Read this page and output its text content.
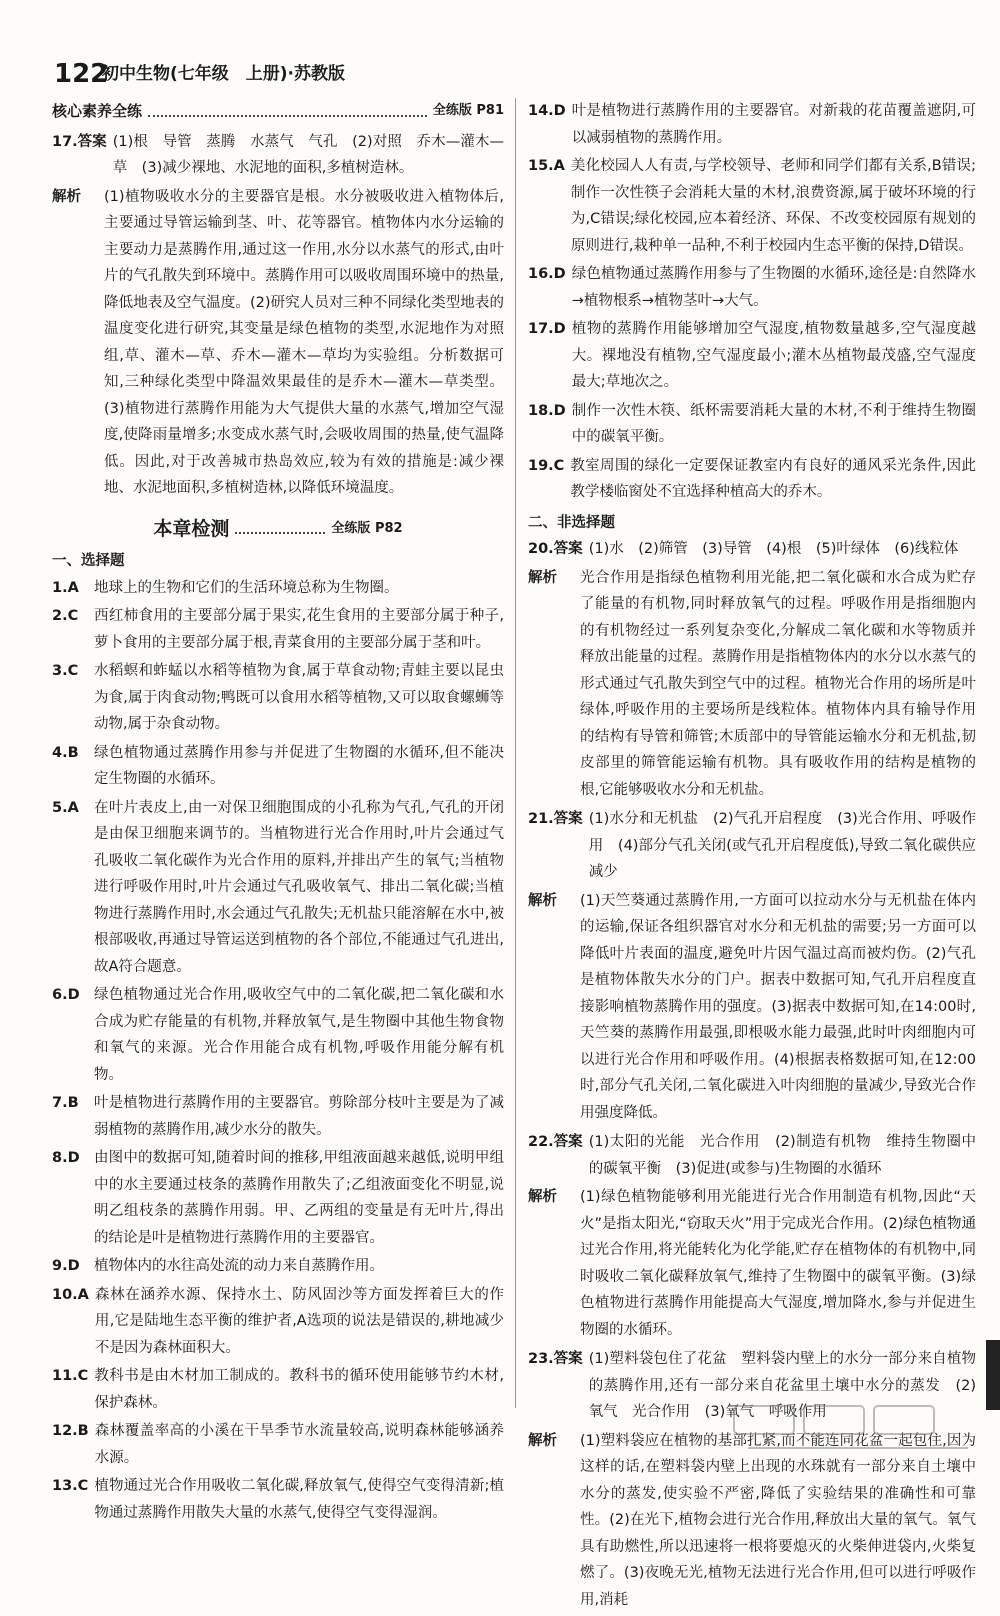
122
初中生物(七年级　上册)·苏教版
核心素养全练	全练版 P81
17.答案 (1)根　导管　蒸腾　水蒸气　气孔　(2)对照　乔木—灌木—草　(3)减少裸地、水泥地的面积,多植树造林。
解析	(1)植物吸收水分的主要器官是根。水分被吸收进入植物体后,主要通过导管运输到茎、叶、花等器官。植物体内水分运输的主要动力是蒸腾作用,通过这一作用,水分以水蒸气的形式,由叶片的气孔散失到环境中。蒸腾作用可以吸收周围环境中的热量,降低地表及空气温度。(2)研究人员对三种不同绿化类型地表的温度变化进行研究,其变量是绿色植物的类型,水泥地作为对照组,草、灌木—草、乔木—灌木—草均为实验组。分析数据可知,三种绿化类型中降温效果最佳的是乔木—灌木—草类型。(3)植物进行蒸腾作用能为大气提供大量的水蒸气,增加空气湿度,使降雨量增多;水变成水蒸气时,会吸收周围的热量,使气温降低。因此,对于改善城市热岛效应,较为有效的措施是:减少裸地、水泥地面积,多植树造林,以降低环境温度。
本章检测	全练版 P82
一、选择题
1.A	地球上的生物和它们的生活环境总称为生物圈。
2.C	西红柿食用的主要部分属于果实,花生食用的主要部分属于种子,萝卜食用的主要部分属于根,青菜食用的主要部分属于茎和叶。
3.C	水稻螟和蚱蜢以水稻等植物为食,属于草食动物;青蛙主要以昆虫为食,属于肉食动物;鸭既可以食用水稻等植物,又可以取食螺蛳等动物,属于杂食动物。
4.B	绿色植物通过蒸腾作用参与并促进了生物圈的水循环,但不能决定生物圈的水循环。
5.A	在叶片表皮上,由一对保卫细胞围成的小孔称为气孔,气孔的开闭是由保卫细胞来调节的。当植物进行光合作用时,叶片会通过气孔吸收二氧化碳作为光合作用的原料,并排出产生的氧气;当植物进行呼吸作用时,叶片会通过气孔吸收氧气、排出二氧化碳;当植物进行蒸腾作用时,水会通过气孔散失;无机盐只能溶解在水中,被根部吸收,再通过导管运送到植物的各个部位,不能通过气孔进出,故A符合题意。
6.D 绿色植物通过光合作用,吸收空气中的二氧化碳,把二氧化碳和水合成为贮存能量的有机物,并释放氧气,是生物圈中其他生物食物和氧气的来源。光合作用能合成有机物,呼吸作用能分解有机物。
7.B	叶是植物进行蒸腾作用的主要器官。剪除部分枝叶主要是为了减弱植物的蒸腾作用,减少水分的散失。
8.D 由图中的数据可知,随着时间的推移,甲组液面越来越低,说明甲组中的水主要通过枝条的蒸腾作用散失了;乙组液面变化不明显,说明乙组枝条的蒸腾作用弱。甲、乙两组的变量是有无叶片,得出的结论是叶是植物进行蒸腾作用的主要器官。
9.D 植物体内的水往高处流的动力来自蒸腾作用。
10.A 森林在涵养水源、保持水土、防风固沙等方面发挥着巨大的作用,它是陆地生态平衡的维护者,A选项的说法是错误的,耕地减少不是因为森林面积大。
11.C 教科书是由木材加工制成的。教科书的循环使用能够节约木材,保护森林。
12.B 森林覆盖率高的小溪在干旱季节水流量较高,说明森林能够涵养水源。
13.C 植物通过光合作用吸收二氧化碳,释放氧气,使得空气变得清新;植物通过蒸腾作用散失大量的水蒸气,使得空气变得湿润。
14.D 叶是植物进行蒸腾作用的主要器官。对新栽的花苗覆盖遮阴,可以减弱植物的蒸腾作用。
15.A 美化校园人人有责,与学校领导、老师和同学们都有关系,B错误;制作一次性筷子会消耗大量的木材,浪费资源,属于破坏环境的行为,C错误;绿化校园,应本着经济、环保、不改变校园原有规划的原则进行,栽种单一品种,不利于校园内生态平衡的保持,D错误。
16.D 绿色植物通过蒸腾作用参与了生物圈的水循环,途径是:自然降水→植物根系→植物茎叶→大气。
17.D 植物的蒸腾作用能够增加空气湿度,植物数量越多,空气湿度越大。裸地没有植物,空气湿度最小;灌木丛植物最茂盛,空气湿度最大;草地次之。
18.D 制作一次性木筷、纸杯需要消耗大量的木材,不利于维持生物圈中的碳氧平衡。
19.C 教室周围的绿化一定要保证教室内有良好的通风采光条件,因此教学楼临窗处不宜选择种植高大的乔木。
二、非选择题
20.答案 (1)水　(2)筛管　(3)导管　(4)根　(5)叶绿体　(6)线粒体
解析	光合作用是指绿色植物利用光能,把二氧化碳和水合成为贮存了能量的有机物,同时释放氧气的过程。呼吸作用是指细胞内的有机物经过一系列复杂变化,分解成二氧化碳和水等物质并释放出能量的过程。蒸腾作用是指植物体内的水分以水蒸气的形式通过气孔散失到空气中的过程。植物光合作用的场所是叶绿体,呼吸作用的主要场所是线粒体。植物体内具有输导作用的结构有导管和筛管;木质部中的导管能运输水分和无机盐,韧皮部里的筛管能运输有机物。具有吸收作用的结构是植物的根,它能够吸收水分和无机盐。
21.答案 (1)水分和无机盐　(2)气孔开启程度　(3)光合作用、呼吸作用　(4)部分气孔关闭(或气孔开启程度低),导致二氧化碳供应减少
解析	(1)天竺葵通过蒸腾作用,一方面可以拉动水分与无机盐在体内的运输,保证各组织器官对水分和无机盐的需要;另一方面可以降低叶片表面的温度,避免叶片因气温过高而被灼伤。(2)气孔是植物体散失水分的门户。据表中数据可知,气孔开启程度直接影响植物蒸腾作用的强度。(3)据表中数据可知,在14:00时,天竺葵的蒸腾作用最强,即根吸水能力最强,此时叶肉细胞内可以进行光合作用和呼吸作用。(4)根据表格数据可知,在12:00时,部分气孔关闭,二氧化碳进入叶肉细胞的量减少,导致光合作用强度降低。
22.答案 (1)太阳的光能　光合作用　(2)制造有机物　维持生物圈中的碳氧平衡　(3)促进(或参与)生物圈的水循环
解析	(1)绿色植物能够利用光能进行光合作用制造有机物,因此“天火”是指太阳光,“窃取天火”用于完成光合作用。(2)绿色植物通过光合作用,将光能转化为化学能,贮存在植物体的有机物中,同时吸收二氧化碳释放氧气,维持了生物圈中的碳氧平衡。(3)绿色植物进行蒸腾作用能提高大气湿度,增加降水,参与并促进生物圈的水循环。
23.答案 (1)塑料袋包住了花盆　塑料袋内壁上的水分一部分来自植物的蒸腾作用,还有一部分来自花盆里土壤中水分的蒸发　(2)氧气　光合作用　(3)氧气　呼吸作用
解析	(1)塑料袋应在植物的基部扎紧,而不能连同花盆一起包住,因为这样的话,在塑料袋内壁上出现的水珠就有一部分来自土壤中水分的蒸发,使实验不严密,降低了实验结果的准确性和可靠性。(2)在光下,植物会进行光合作用,释放出大量的氧气。氧气具有助燃性,所以迅速将一根将要熄灭的火柴伸进袋内,火柴复燃了。(3)夜晚无光,植物无法进行光合作用,但可以进行呼吸作用,消耗
